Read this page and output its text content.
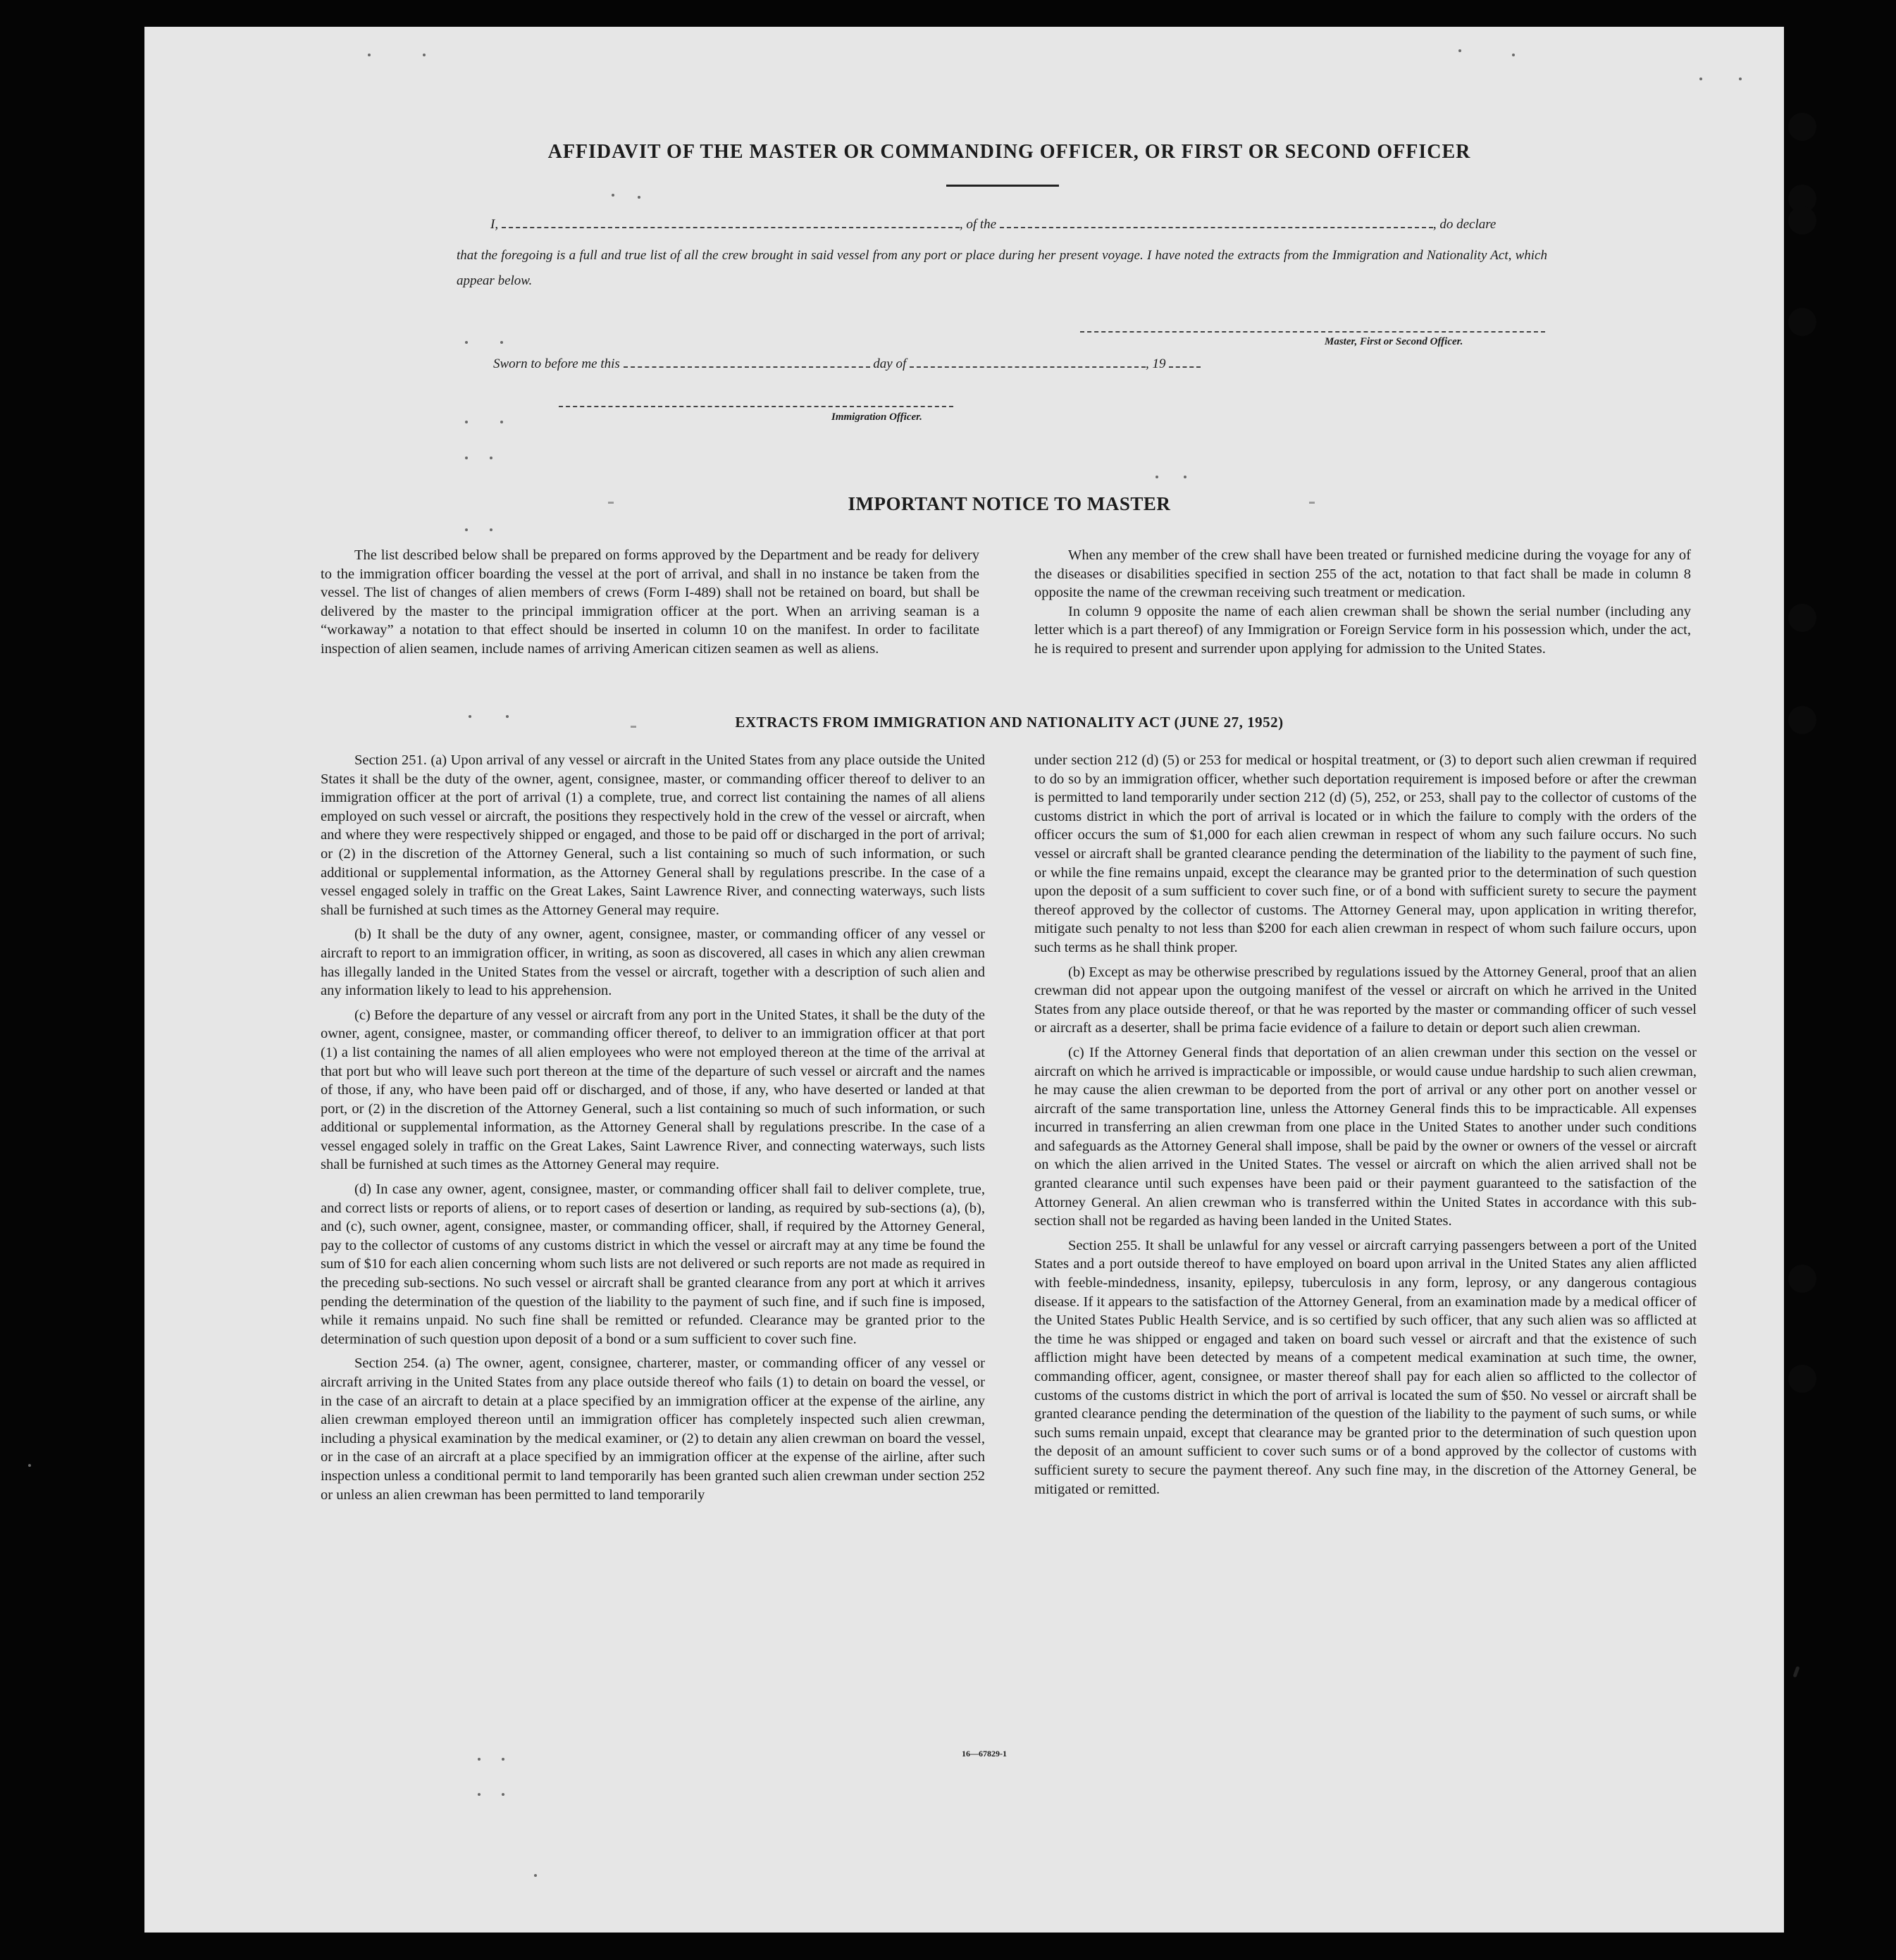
AFFIDAVIT OF THE MASTER OR COMMANDING OFFICER, OR FIRST OR SECOND OFFICER
I,	, of the	, do declare

that the foregoing is a full and true list of all the crew brought in said vessel from any port or place during her present voyage. I have noted the extracts from the Immigration and Nationality Act, which appear below.

Master, First or Second Officer.
Sworn to before me this	day of	, 19
Immigration Officer.
IMPORTANT NOTICE TO MASTER

The list described below shall be prepared on forms approved by the Department and be ready for delivery to the immigration officer boarding the vessel at the port of arrival, and shall in no instance be taken from the vessel. The list of changes of alien members of crews (Form I-489) shall not be retained on board, but shall be delivered by the master to the principal immigration officer at the port. When an arriving seaman is a “workaway” a notation to that effect should be inserted in column 10 on the manifest. In order to facilitate inspection of alien seamen, include names of arriving American citizen seamen as well as aliens.

When any member of the crew shall have been treated or furnished medicine during the voyage for any of the diseases or disabilities specified in section 255 of the act, notation to that fact shall be made in column 8 opposite the name of the crewman receiving such treatment or medication.

In column 9 opposite the name of each alien crewman shall be shown the serial number (including any letter which is a part thereof) of any Immigration or Foreign Service form in his possession which, under the act, he is required to present and surrender upon applying for admission to the United States.

EXTRACTS FROM IMMIGRATION AND NATIONALITY ACT (JUNE 27, 1952)

Section 251. (a) Upon arrival of any vessel or aircraft in the United States from any place outside the United States it shall be the duty of the owner, agent, consignee, master, or commanding officer thereof to deliver to an immigration officer at the port of arrival (1) a complete, true, and correct list containing the names of all aliens employed on such vessel or aircraft, the positions they respectively hold in the crew of the vessel or aircraft, when and where they were respectively shipped or engaged, and those to be paid off or discharged in the port of arrival; or (2) in the discretion of the Attorney General, such a list containing so much of such information, or such additional or supplemental information, as the Attorney General shall by regulations prescribe. In the case of a vessel engaged solely in traffic on the Great Lakes, Saint Lawrence River, and connecting waterways, such lists shall be furnished at such times as the Attorney General may require.

(b) It shall be the duty of any owner, agent, consignee, master, or commanding officer of any vessel or aircraft to report to an immigration officer, in writing, as soon as discovered, all cases in which any alien crewman has illegally landed in the United States from the vessel or aircraft, together with a description of such alien and any information likely to lead to his apprehension.

(c) Before the departure of any vessel or aircraft from any port in the United States, it shall be the duty of the owner, agent, consignee, master, or commanding officer thereof, to deliver to an immigration officer at that port (1) a list containing the names of all alien employees who were not employed thereon at the time of the arrival at that port but who will leave such port thereon at the time of the departure of such vessel or aircraft and the names of those, if any, who have been paid off or discharged, and of those, if any, who have deserted or landed at that port, or (2) in the discretion of the Attorney General, such a list containing so much of such information, or such additional or supplemental information, as the Attorney General shall by regulations prescribe. In the case of a vessel engaged solely in traffic on the Great Lakes, Saint Lawrence River, and connecting waterways, such lists shall be furnished at such times as the Attorney General may require.

(d) In case any owner, agent, consignee, master, or commanding officer shall fail to deliver complete, true, and correct lists or reports of aliens, or to report cases of desertion or landing, as required by sub-sections (a), (b), and (c), such owner, agent, consignee, master, or commanding officer, shall, if required by the Attorney General, pay to the collector of customs of any customs district in which the vessel or aircraft may at any time be found the sum of $10 for each alien concerning whom such lists are not delivered or such reports are not made as required in the preceding sub-sections. No such vessel or aircraft shall be granted clearance from any port at which it arrives pending the determination of the question of the liability to the payment of such fine, and if such fine is imposed, while it remains unpaid. No such fine shall be remitted or refunded. Clearance may be granted prior to the determination of such question upon deposit of a bond or a sum sufficient to cover such fine.

Section 254. (a) The owner, agent, consignee, charterer, master, or commanding officer of any vessel or aircraft arriving in the United States from any place outside thereof who fails (1) to detain on board the vessel, or in the case of an aircraft to detain at a place specified by an immigration officer at the expense of the airline, any alien crewman employed thereon until an immigration officer has completely inspected such alien crewman, including a physical examination by the medical examiner, or (2) to detain any alien crewman on board the vessel, or in the case of an aircraft at a place specified by an immigration officer at the expense of the airline, after such inspection unless a conditional permit to land temporarily has been granted such alien crewman under section 252 or unless an alien crewman has been permitted to land temporarily

under section 212 (d) (5) or 253 for medical or hospital treatment, or (3) to deport such alien crewman if required to do so by an immigration officer, whether such deportation requirement is imposed before or after the crewman is permitted to land temporarily under section 212 (d) (5), 252, or 253, shall pay to the collector of customs of the customs district in which the port of arrival is located or in which the failure to comply with the orders of the officer occurs the sum of $1,000 for each alien crewman in respect of whom any such failure occurs. No such vessel or aircraft shall be granted clearance pending the determination of the liability to the payment of such fine, or while the fine remains unpaid, except the clearance may be granted prior to the determination of such question upon the deposit of a sum sufficient to cover such fine, or of a bond with sufficient surety to secure the payment thereof approved by the collector of customs. The Attorney General may, upon application in writing therefor, mitigate such penalty to not less than $200 for each alien crewman in respect of whom such failure occurs, upon such terms as he shall think proper.

(b) Except as may be otherwise prescribed by regulations issued by the Attorney General, proof that an alien crewman did not appear upon the outgoing manifest of the vessel or aircraft on which he arrived in the United States from any place outside thereof, or that he was reported by the master or commanding officer of such vessel or aircraft as a deserter, shall be prima facie evidence of a failure to detain or deport such alien crewman.

(c) If the Attorney General finds that deportation of an alien crewman under this section on the vessel or aircraft on which he arrived is impracticable or impossible, or would cause undue hardship to such alien crewman, he may cause the alien crewman to be deported from the port of arrival or any other port on another vessel or aircraft of the same transportation line, unless the Attorney General finds this to be impracticable. All expenses incurred in transferring an alien crewman from one place in the United States to another under such conditions and safeguards as the Attorney General shall impose, shall be paid by the owner or owners of the vessel or aircraft on which the alien arrived in the United States. The vessel or aircraft on which the alien arrived shall not be granted clearance until such expenses have been paid or their payment guaranteed to the satisfaction of the Attorney General. An alien crewman who is transferred within the United States in accordance with this sub-section shall not be regarded as having been landed in the United States.

Section 255. It shall be unlawful for any vessel or aircraft carrying passengers between a port of the United States and a port outside thereof to have employed on board upon arrival in the United States any alien afflicted with feeble-mindedness, insanity, epilepsy, tuberculosis in any form, leprosy, or any dangerous contagious disease. If it appears to the satisfaction of the Attorney General, from an examination made by a medical officer of the United States Public Health Service, and is so certified by such officer, that any such alien was so afflicted at the time he was shipped or engaged and taken on board such vessel or aircraft and that the existence of such affliction might have been detected by means of a competent medical examination at such time, the owner, commanding officer, agent, consignee, or master thereof shall pay for each alien so afflicted to the collector of customs of the customs district in which the port of arrival is located the sum of $50. No vessel or aircraft shall be granted clearance pending the determination of the question of the liability to the payment of such sums, or while such sums remain unpaid, except that clearance may be granted prior to the determination of such question upon the deposit of an amount sufficient to cover such sums or of a bond approved by the collector of customs with sufficient surety to secure the payment thereof. Any such fine may, in the discretion of the Attorney General, be mitigated or remitted.

16—67829-1
